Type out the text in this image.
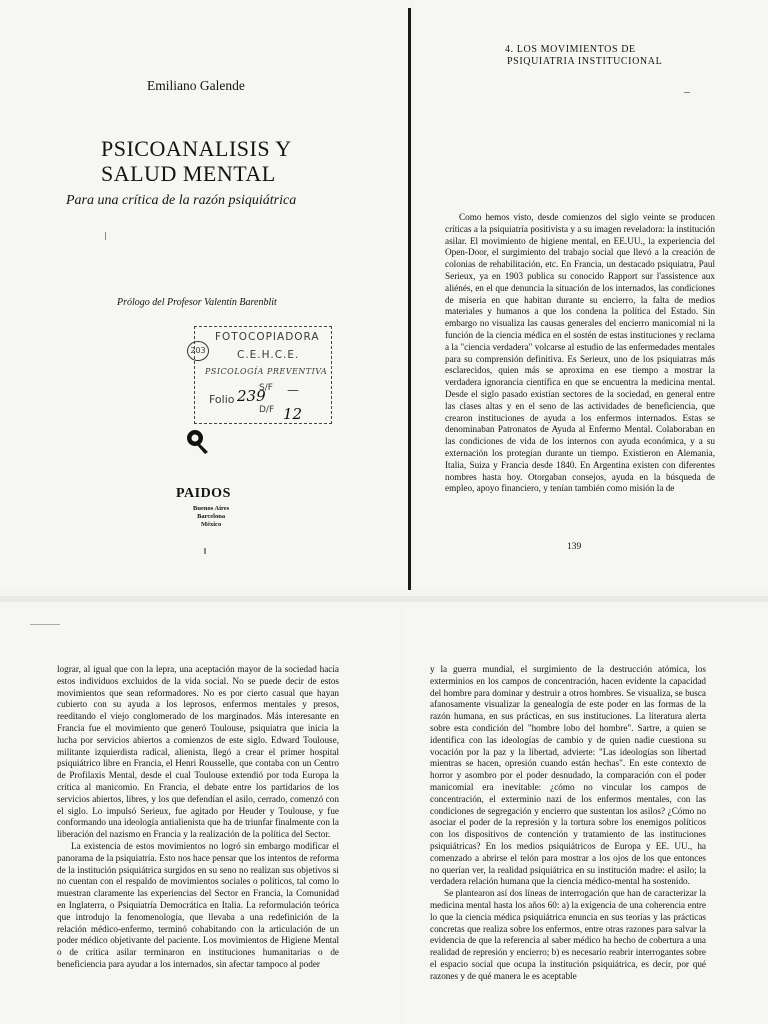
Emiliano Galende
PSICOANALISIS Y
SALUD MENTAL
Para una crítica de la razón psiquiátrica
Prólogo del Profesor Valentín Barenblit
203
FOTOCOPIADORA
C.E.H.C.E.
PSICOLOGÍA PREVENTIVA
Folio 239
S/F —
D/F 12
PAIDOS
Buenos Aires
Barcelona
México
4. LOS MOVIMIENTOS DE
PSIQUIATRIA INSTITUCIONAL

Como hemos visto, desde comienzos del siglo veinte se producen críticas a la psiquiatría positivista y a su imagen reveladora: la institución asilar. El movimiento de higiene mental, en EE.UU., la experiencia del Open-Door, el surgimiento del trabajo social que llevó a la creación de colonias de rehabilitación, etc. En Francia, un destacado psiquiatra, Paul Serieux, ya en 1903 publica su conocido Rapport sur l'assistence aux aliénés, en el que denuncia la situación de los internados, las condiciones de miseria en que habitan durante su encierro, la falta de medios materiales y humanos a que los condena la política del Estado. Sin embargo no visualiza las causas generales del encierro manicomial ni la función de la ciencia médica en el sostén de estas instituciones y reclama a la "ciencia verdadera" volcarse al estudio de las enfermedades mentales para su comprensión definitiva. Es Serieux, uno de los psiquiatras más esclarecidos, quien más se aproxima en ese tiempo a mostrar la verdadera ignorancia científica en que se encuentra la medicina mental. Desde el siglo pasado existían sectores de la sociedad, en general entre las clases altas y en el seno de las actividades de beneficiencia, que crearon instituciones de ayuda a los enfermos internados. Estas se denominaban Patronatos de Ayuda al Enfermo Mental. Colaboraban en las condiciones de vida de los internos con ayuda económica, y a su externación los protegían durante un tiempo. Existieron en Alemania, Italia, Suiza y Francia desde 1840. En Argentina existen con diferentes nombres hasta hoy. Otorgaban consejos, ayuda en la búsqueda de empleo, apoyo financiero, y tenían también como misión la de

139

lograr, al igual que con la lepra, una aceptación mayor de la sociedad hacia estos individuos excluidos de la vida social. No se puede decir de estos movimientos que sean reformadores. No es por cierto casual que hayan cubierto con su ayuda a los leprosos, enfermos mentales y presos, reeditando el viejo conglomerado de los marginados. Más interesante en Francia fue el movimiento que generó Toulouse, psiquiatra que inicia la lucha por servicios abiertos a comienzos de este siglo. Edward Toulouse, militante izquierdista radical, alienista, llegó a crear el primer hospital psiquiátrico libre en Francia, el Henri Rousselle, que contaba con un Centro de Profilaxis Mental, desde el cual Toulouse extendió por toda Europa la crítica al manicomio. En Francia, el debate entre los partidarios de los servicios abiertos, libres, y los que defendían el asilo, cerrado, comenzó con el siglo. Lo impulsó Serieux, fue agitado por Heuder y Toulouse, y fue conformando una ideología antialienista que ha de triunfar finalmente con la liberación del nazismo en Francia y la realización de la política del Sector.

La existencia de estos movimientos no logró sin embargo modificar el panorama de la psiquiatría. Esto nos hace pensar que los intentos de reforma de la institución psiquiátrica surgidos en su seno no realizan sus objetivos si no cuentan con el respaldo de movimientos sociales o políticos, tal como lo muestran claramente las experiencias del Sector en Francia, la Comunidad en Inglaterra, o Psiquiatría Democrática en Italia. La reformulación teórica que introdujo la fenomenología, que llevaba a una redefinición de la relación médico-enfermo, terminó cohabitando con la articulación de un poder médico objetivante del paciente. Los movimientos de Higiene Mental o de crítica asilar terminaron en instituciones humanitarias o de beneficiencia para ayudar a los internados, sin afectar tampoco al poder

y la guerra mundial, el surgimiento de la destrucción atómica, los exterminios en los campos de concentración, hacen evidente la capacidad del hombre para dominar y destruir a otros hombres. Se visualiza, se busca afanosamente visualizar la genealogía de este poder en las formas de la razón humana, en sus prácticas, en sus instituciones. La literatura alerta sobre esta condición del "hombre lobo del hombre". Sartre, a quien se identifica con las ideologías de cambio y de quien nadie cuestiona su vocación por la paz y la libertad, advierte: "Las ideologías son libertad mientras se hacen, opresión cuando están hechas". En este contexto de horror y asombro por el poder desnudado, la comparación con el poder manicomial era inevitable: ¿cómo no vincular los campos de concentración, el exterminio nazi de los enfermos mentales, con las condiciones de segregación y encierro que sustentan los asilos? ¿Cómo no asociar el poder de la represión y la tortura sobre los enemigos políticos con los dispositivos de contención y tratamiento de las instituciones psiquiátricas? En los medios psiquiátricos de Europa y EE. UU., ha comenzado a abrirse el telón para mostrar a los ojos de los que entonces no querían ver, la realidad psiquiátrica en su institución madre: el asilo; la verdadera relación humana que la ciencia médico-mental ha sostenido.

Se plantearon así dos líneas de interrogación que han de caracterizar la medicina mental hasta los años 60: a) la exigencia de una coherencia entre lo que la ciencia médica psiquiátrica enuncia en sus teorías y las prácticas concretas que realiza sobre los enfermos, entre otras razones para salvar la evidencia de que la referencia al saber médico ha hecho de cobertura a una realidad de represión y encierro; b) es necesario reabrir interrogantes sobre el espacio social que ocupa la institución psiquiátrica, es decir, por qué razones y de qué manera le es aceptable
